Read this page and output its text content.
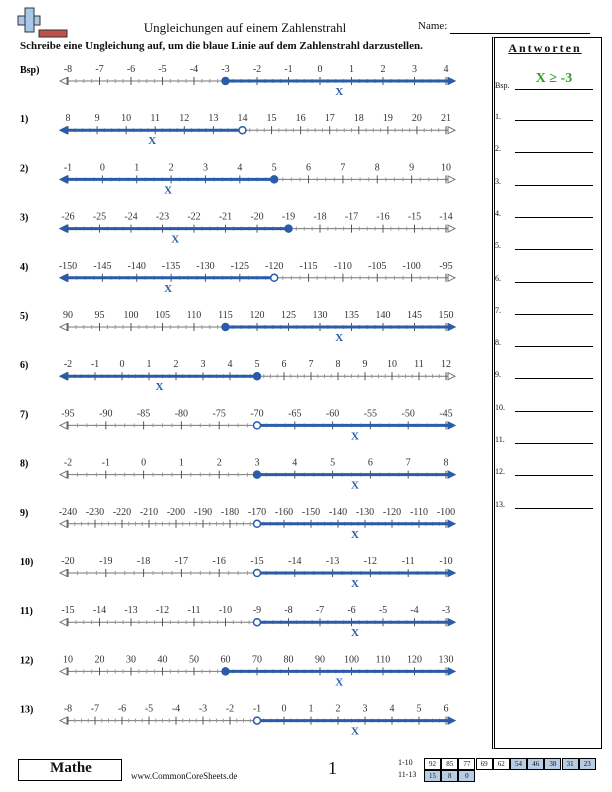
Ungleichungen auf einem Zahlenstrahl	Name:
Schreibe eine Ungleichung auf, um die blaue Linie auf dem Zahlenstrahl darzustellen.
Bsp) -8 -7 -6 -5 -4 -3 -2 -1 0	1	2	3	4
X
1)	8 9 10 11 12 13 14 15 16 17 18 19 20 21
X
2)	-1	0	1	2	3	4	5	6	7	8	9	10
X
3)	-26 -25 -24 -23 -22 -21 -20 -19 -18 -17 -16 -15 -14
X
4)	-150 -145 -140 -135 -130 -125 -120 -115 -110 -105 -100 -95
X
5)	90 95 100 105 110 115 120 125 130 135 140 145 150
X
6)	-2 -1 0 1 2 3 4 5 6 7 8 9 10 11 12
X
7)	-95 -90 -85 -80 -75 -70 -65 -60 -55 -50 -45
X
8)	-2	-1	0	1	2	3	4	5	6	7	8
X
9)	-240 -230 -220 -210 -200 -190 -180 -170 -160 -150 -140 -130 -120 -110 -100
X
10)	-20 -19 -18 -17 -16 -15 -14 -13 -12 -11 -10
X
11)	-15 -14 -13 -12 -11 -10 -9 -8 -7 -6 -5 -4 -3
X
12)	10 20 30 40 50 60 70 80 90 100 110 120 130
X
13)	-8 -7 -6 -5 -4 -3 -2 -1 0 1 2 3 4 5 6
X
Antworten
Bsp.	X ≥ -3
1.
2.
3.
4.
5.
6.
7.
8.
9.
10.
11.
12.
13.
Mathe	www.CommonCoreSheets.de	1	1-10	92	85	77	69	62	54	46	38	31	23
11-13	15	8	0
